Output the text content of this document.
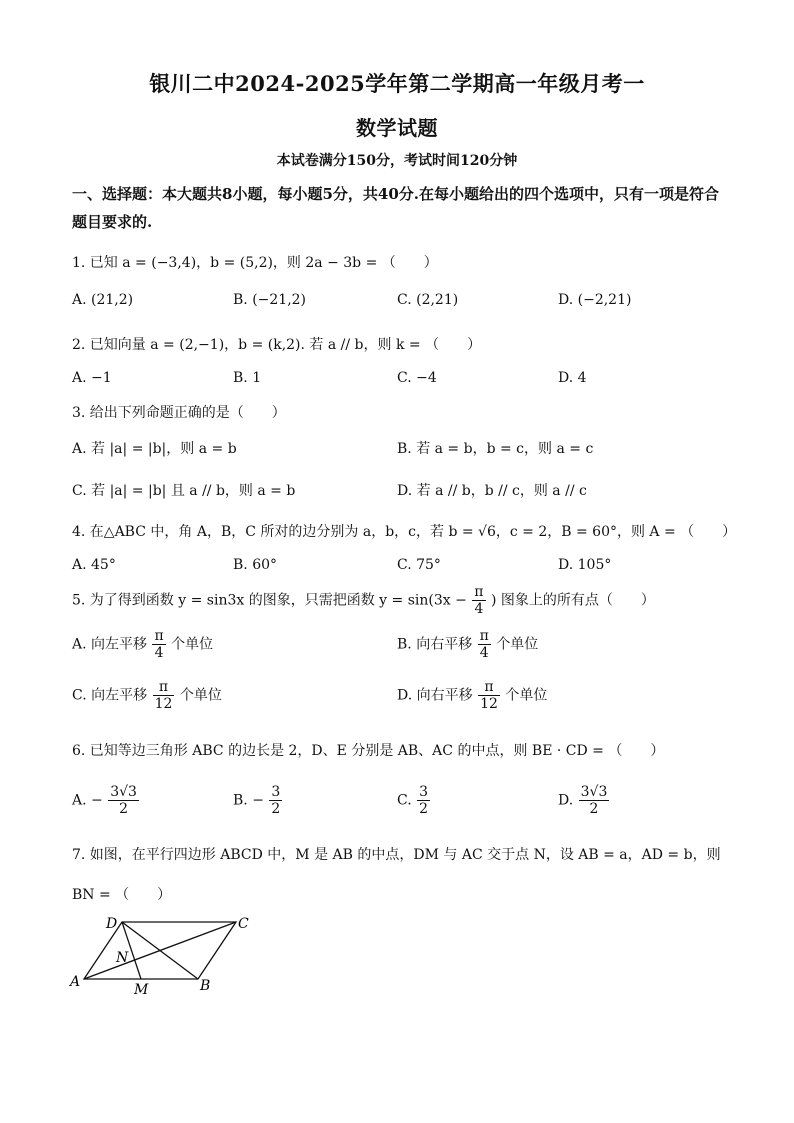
银川二中2024-2025学年第二学期高一年级月考一
数学试题
本试卷满分150分，考试时间120分钟
一、选择题：本大题共8小题，每小题5分，共40分.在每小题给出的四个选项中，只有一项是符合题目要求的.
1. 已知 a = (−3,4)，b = (5,2)，则 2a − 3b = （　　）
A. (21,2)	B. (−21,2)	C. (2,21)	D. (−2,21)
2. 已知向量 a = (2,−1)，b = (k,2). 若 a // b，则 k = （　　）
A. −1	B. 1	C. −4	D. 4
3. 给出下列命题正确的是（　　）
A. 若 |a| = |b|，则 a = b	B. 若 a = b，b = c，则 a = c
C. 若 |a| = |b| 且 a // b，则 a = b	D. 若 a // b，b // c，则 a // c
4. 在△ABC 中，角 A，B，C 所对的边分别为 a，b，c，若 b = √6，c = 2，B = 60°，则 A = （　　）
A. 45°	B. 60°	C. 75°	D. 105°
5. 为了得到函数 y = sin3x 的图象，只需把函数 $y = \sin(3x - \frac{\pi}{4}$ ) 图象上的所有点（　　）
A. 向左平移 $\frac{\pi}{4}$ 个单位	B. 向右平移 $\frac{\pi}{4}$ 个单位
C. 向左平移 $\frac{\pi}{12}$ 个单位	D. 向右平移 $\frac{\pi}{12}$ 个单位
6. 已知等边三角形 ABC 的边长是 2，D、E 分别是 AB、AC 的中点，则 BE · CD = （　　）
A. − $\frac{3√3}{2}$	B. − $\frac{3}{2}$	C. $\frac{3}{2}$	D. $\frac{3√3}{2}$
7. 如图，在平行四边形 ABCD 中，M 是 AB 的中点，DM 与 AC 交于点 N，设 AB = a，AD = b，则
BN = （　　）
A	B
C
D
M
N
